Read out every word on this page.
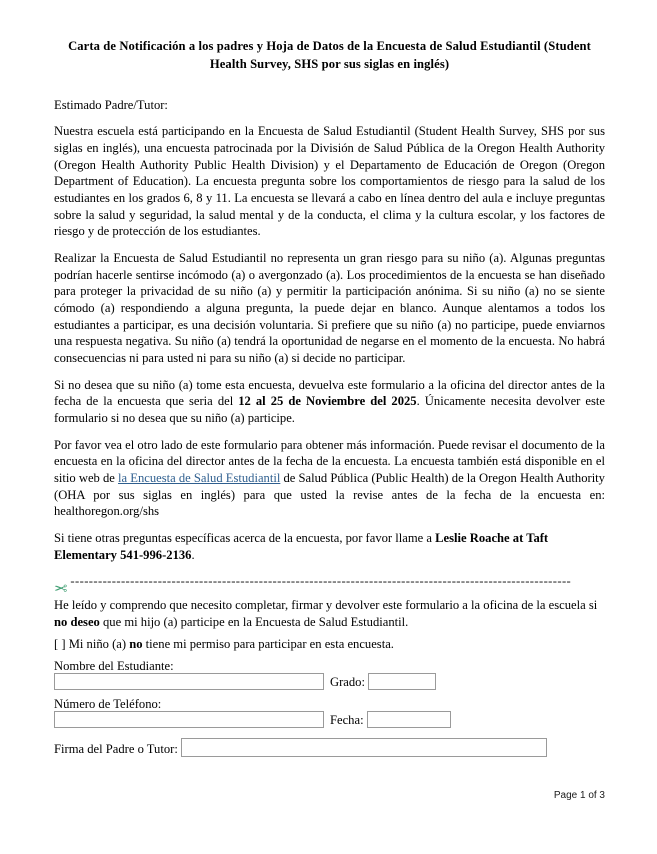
Carta de Notificación a los padres y Hoja de Datos de la Encuesta de Salud Estudiantil (Student Health Survey, SHS por sus siglas en inglés)

Estimado Padre/Tutor:

Nuestra escuela está participando en la Encuesta de Salud Estudiantil (Student Health Survey, SHS por sus siglas en inglés), una encuesta patrocinada por la División de Salud Pública de la Oregon Health Authority (Oregon Health Authority Public Health Division) y el Departamento de Educación de Oregon (Oregon Department of Education). La encuesta pregunta sobre los comportamientos de riesgo para la salud de los estudiantes en los grados 6, 8 y 11. La encuesta se llevará a cabo en línea dentro del aula e incluye preguntas sobre la salud y seguridad, la salud mental y de la conducta, el clima y la cultura escolar, y los factores de riesgo y de protección de los estudiantes.

Realizar la Encuesta de Salud Estudiantil no representa un gran riesgo para su niño (a). Algunas preguntas podrían hacerle sentirse incómodo (a) o avergonzado (a). Los procedimientos de la encuesta se han diseñado para proteger la privacidad de su niño (a) y permitir la participación anónima. Si su niño (a) no se siente cómodo (a) respondiendo a alguna pregunta, la puede dejar en blanco. Aunque alentamos a todos los estudiantes a participar, es una decisión voluntaria. Si prefiere que su niño (a) no participe, puede enviarnos una respuesta negativa. Su niño (a) tendrá la oportunidad de negarse en el momento de la encuesta. No habrá consecuencias ni para usted ni para su niño (a) si decide no participar.

Si no desea que su niño (a) tome esta encuesta, devuelva este formulario a la oficina del director antes de la fecha de la encuesta que seria del 12 al 25 de Noviembre del 2025. Únicamente necesita devolver este formulario si no desea que su niño (a) participe.

Por favor vea el otro lado de este formulario para obtener más información. Puede revisar el documento de la encuesta en la oficina del director antes de la fecha de la encuesta. La encuesta también está disponible en el sitio web de la Encuesta de Salud Estudiantil de Salud Pública (Public Health) de la Oregon Health Authority (OHA por sus siglas en inglés) para que usted la revise antes de la fecha de la encuesta en: healthoregon.org/shs

Si tiene otras preguntas específicas acerca de la encuesta, por favor llame a Leslie Roache at Taft Elementary 541-996-2136.

✂ -------------------------------------------------------------------------------------------------------------

He leído y comprendo que necesito completar, firmar y devolver este formulario a la oficina de la escuela si no deseo que mi hijo (a) participe en la Encuesta de Salud Estudiantil.

[ ] Mi niño (a) no tiene mi permiso para participar en esta encuesta.

Nombre del Estudiante:
Grado:
Número de Teléfono:
Fecha:
Firma del Padre o Tutor:
Page 1 of 3
